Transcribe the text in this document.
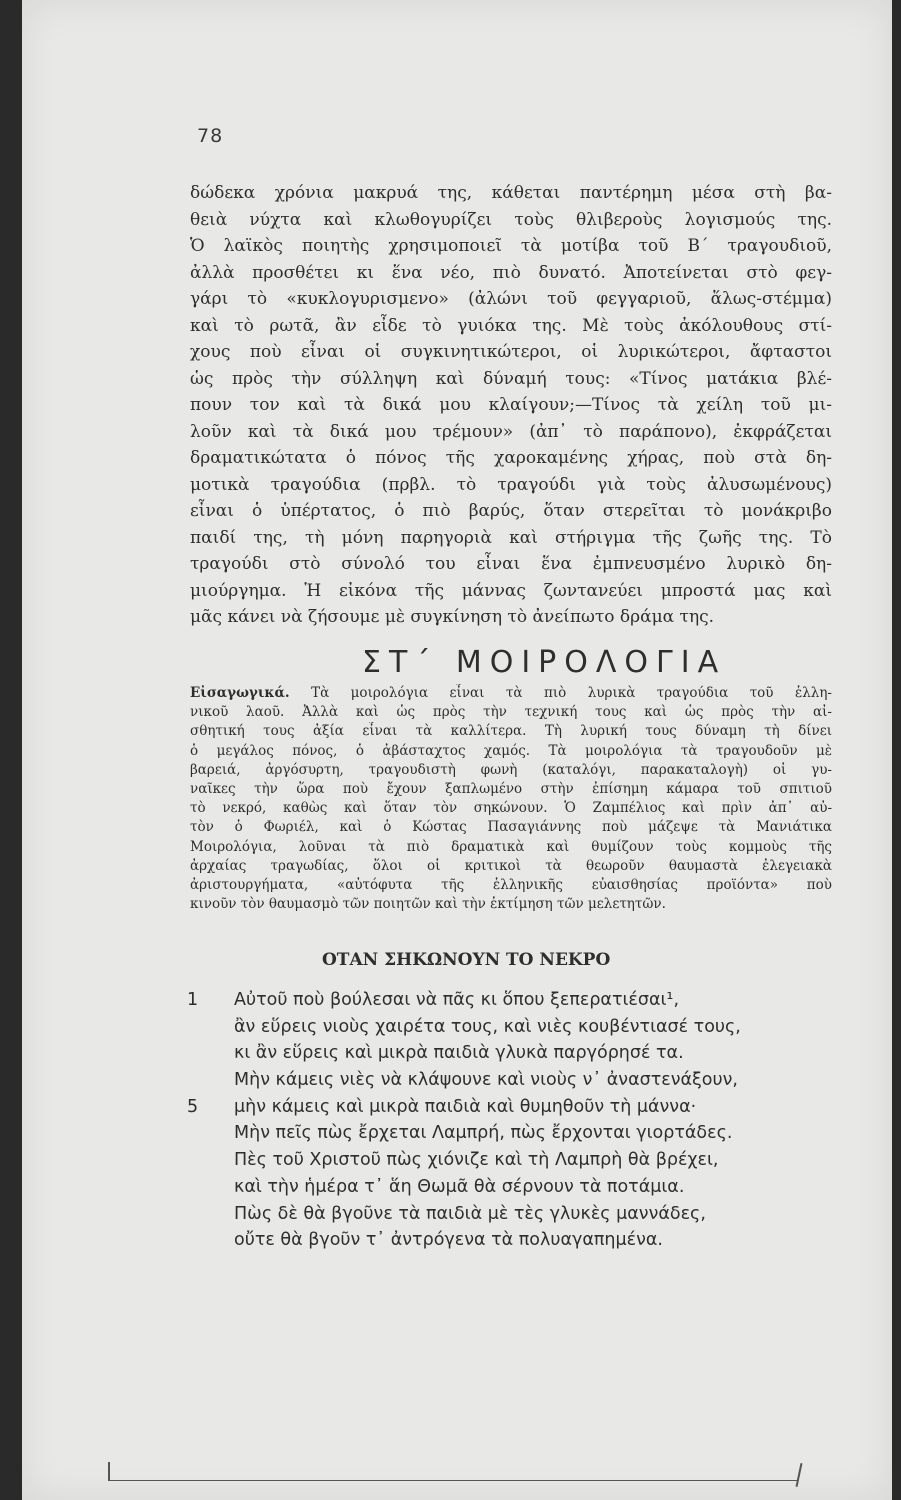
78
δώδεκα χρόνια μακρυά της, κάθεται παντέρημη μέσα στὴ βα-
θειὰ νύχτα καὶ κλωθογυρίζει τοὺς θλιβεροὺς λογισμούς της.
Ὁ λαϊκὸς ποιητὴς χρησιμοποιεῖ τὰ μοτίβα τοῦ Β΄ τραγουδιοῦ,
ἀλλὰ προσθέτει κι ἕνα νέο, πιὸ δυνατό. Ἀποτείνεται στὸ φεγ-
γάρι τὸ «κυκλογυρισμενο» (ἀλώνι τοῦ φεγγαριοῦ, ἅλως-στέμμα)
καὶ τὸ ρωτᾶ, ἂν εἶδε τὸ γυιόκα της. Μὲ τοὺς ἀκόλουθους στί-
χους ποὺ εἶναι οἱ συγκινητικώτεροι, οἱ λυρικώτεροι, ἄφταστοι
ὡς πρὸς τὴν σύλληψη καὶ δύναμή τους: «Τίνος ματάκια βλέ-
πουν τον καὶ τὰ δικά μου κλαίγουν;—Τίνος τὰ χείλη τοῦ μι-
λοῦν καὶ τὰ δικά μου τρέμουν» (ἀπ᾽ τὸ παράπονο), ἐκφράζεται
δραματικώτατα ὁ πόνος τῆς χαροκαμένης χήρας, ποὺ στὰ δη-
μοτικὰ τραγούδια (πρβλ. τὸ τραγούδι γιὰ τοὺς ἀλυσωμένους)
εἶναι ὁ ὑπέρτατος, ὁ πιὸ βαρύς, ὅταν στερεῖται τὸ μονάκριβο
παιδί της, τὴ μόνη παρηγοριὰ καὶ στήριγμα τῆς ζωῆς της. Τὸ
τραγούδι στὸ σύνολό του εἶναι ἕνα ἐμπνευσμένο λυρικὸ δη-
μιούργημα. Ἡ εἰκόνα τῆς μάννας ζωντανεύει μπροστά μας καὶ
μᾶς κάνει νὰ ζήσουμε μὲ συγκίνηση τὸ ἀνείπωτο δράμα της.
ΣΤ΄ ΜΟΙΡΟΛΟΓΙΑ
Εἰσαγωγικά. Τὰ μοιρολόγια εἶναι τὰ πιὸ λυρικὰ τραγούδια τοῦ ἑλλη-
νικοῦ λαοῦ. Ἀλλὰ καὶ ὡς πρὸς τὴν τεχνική τους καὶ ὡς πρὸς τὴν αἰ-
σθητική τους ἀξία εἶναι τὰ καλλίτερα. Τὴ λυρική τους δύναμη τὴ δίνει
ὁ μεγάλος πόνος, ὁ ἀβάσταχτος χαμός. Τὰ μοιρολόγια τὰ τραγουδοῦν μὲ
βαρειά, ἀργόσυρτη, τραγουδιστὴ φωνὴ (καταλόγι, παρακαταλογὴ) οἱ γυ-
ναῖκες τὴν ὥρα ποὺ ἔχουν ξαπλωμένο στὴν ἐπίσημη κάμαρα τοῦ σπιτιοῦ
τὸ νεκρό, καθὼς καὶ ὅταν τὸν σηκώνουν. Ὁ Ζαμπέλιος καὶ πρὶν ἀπ᾽ αὐ-
τὸν ὁ Φωριέλ, καὶ ὁ Κώστας Πασαγιάννης ποὺ μάζεψε τὰ Μανιάτικα
Μοιρολόγια, λοῦναι τὰ πιὸ δραματικὰ καὶ θυμίζουν τοὺς κομμοὺς τῆς
ἀρχαίας τραγωδίας, ὅλοι οἱ κριτικοὶ τὰ θεωροῦν θαυμαστὰ ἐλεγειακὰ
ἀριστουργήματα, «αὐτόφυτα τῆς ἑλληνικῆς εὐαισθησίας προϊόντα» ποὺ
κινοῦν τὸν θαυμασμὸ τῶν ποιητῶν καὶ τὴν ἐκτίμηση τῶν μελετητῶν.
ΟΤΑΝ ΣΗΚΩΝΟΥΝ ΤΟ ΝΕΚΡΟ
1	Αὐτοῦ ποὺ βούλεσαι νὰ πᾶς κι ὅπου ξεπερατιέσαι¹,
ἂν εὕρεις νιοὺς χαιρέτα τους, καὶ νιὲς κουβέντιασέ τους,
κι ἂν εὕρεις καὶ μικρὰ παιδιὰ γλυκὰ παργόρησέ τα.
Μὴν κάμεις νιὲς νὰ κλάψουνε καὶ νιοὺς ν᾽ ἀναστενάξουν,
5	μὴν κάμεις καὶ μικρὰ παιδιὰ καὶ θυμηθοῦν τὴ μάννα·
Μὴν πεῖς πὼς ἔρχεται Λαμπρή, πὼς ἔρχονται γιορτάδες.
Πὲς τοῦ Χριστοῦ πὼς χιόνιζε καὶ τὴ Λαμπρὴ θὰ βρέχει,
καὶ τὴν ἡμέρα τ᾽ ἅη Θωμᾶ θὰ σέρνουν τὰ ποτάμια.
Πὼς δὲ θὰ βγοῦνε τὰ παιδιὰ μὲ τὲς γλυκὲς μαννάδες,
οὔτε θὰ βγοῦν τ᾽ ἀντρόγενα τὰ πολυαγαπημένα.
